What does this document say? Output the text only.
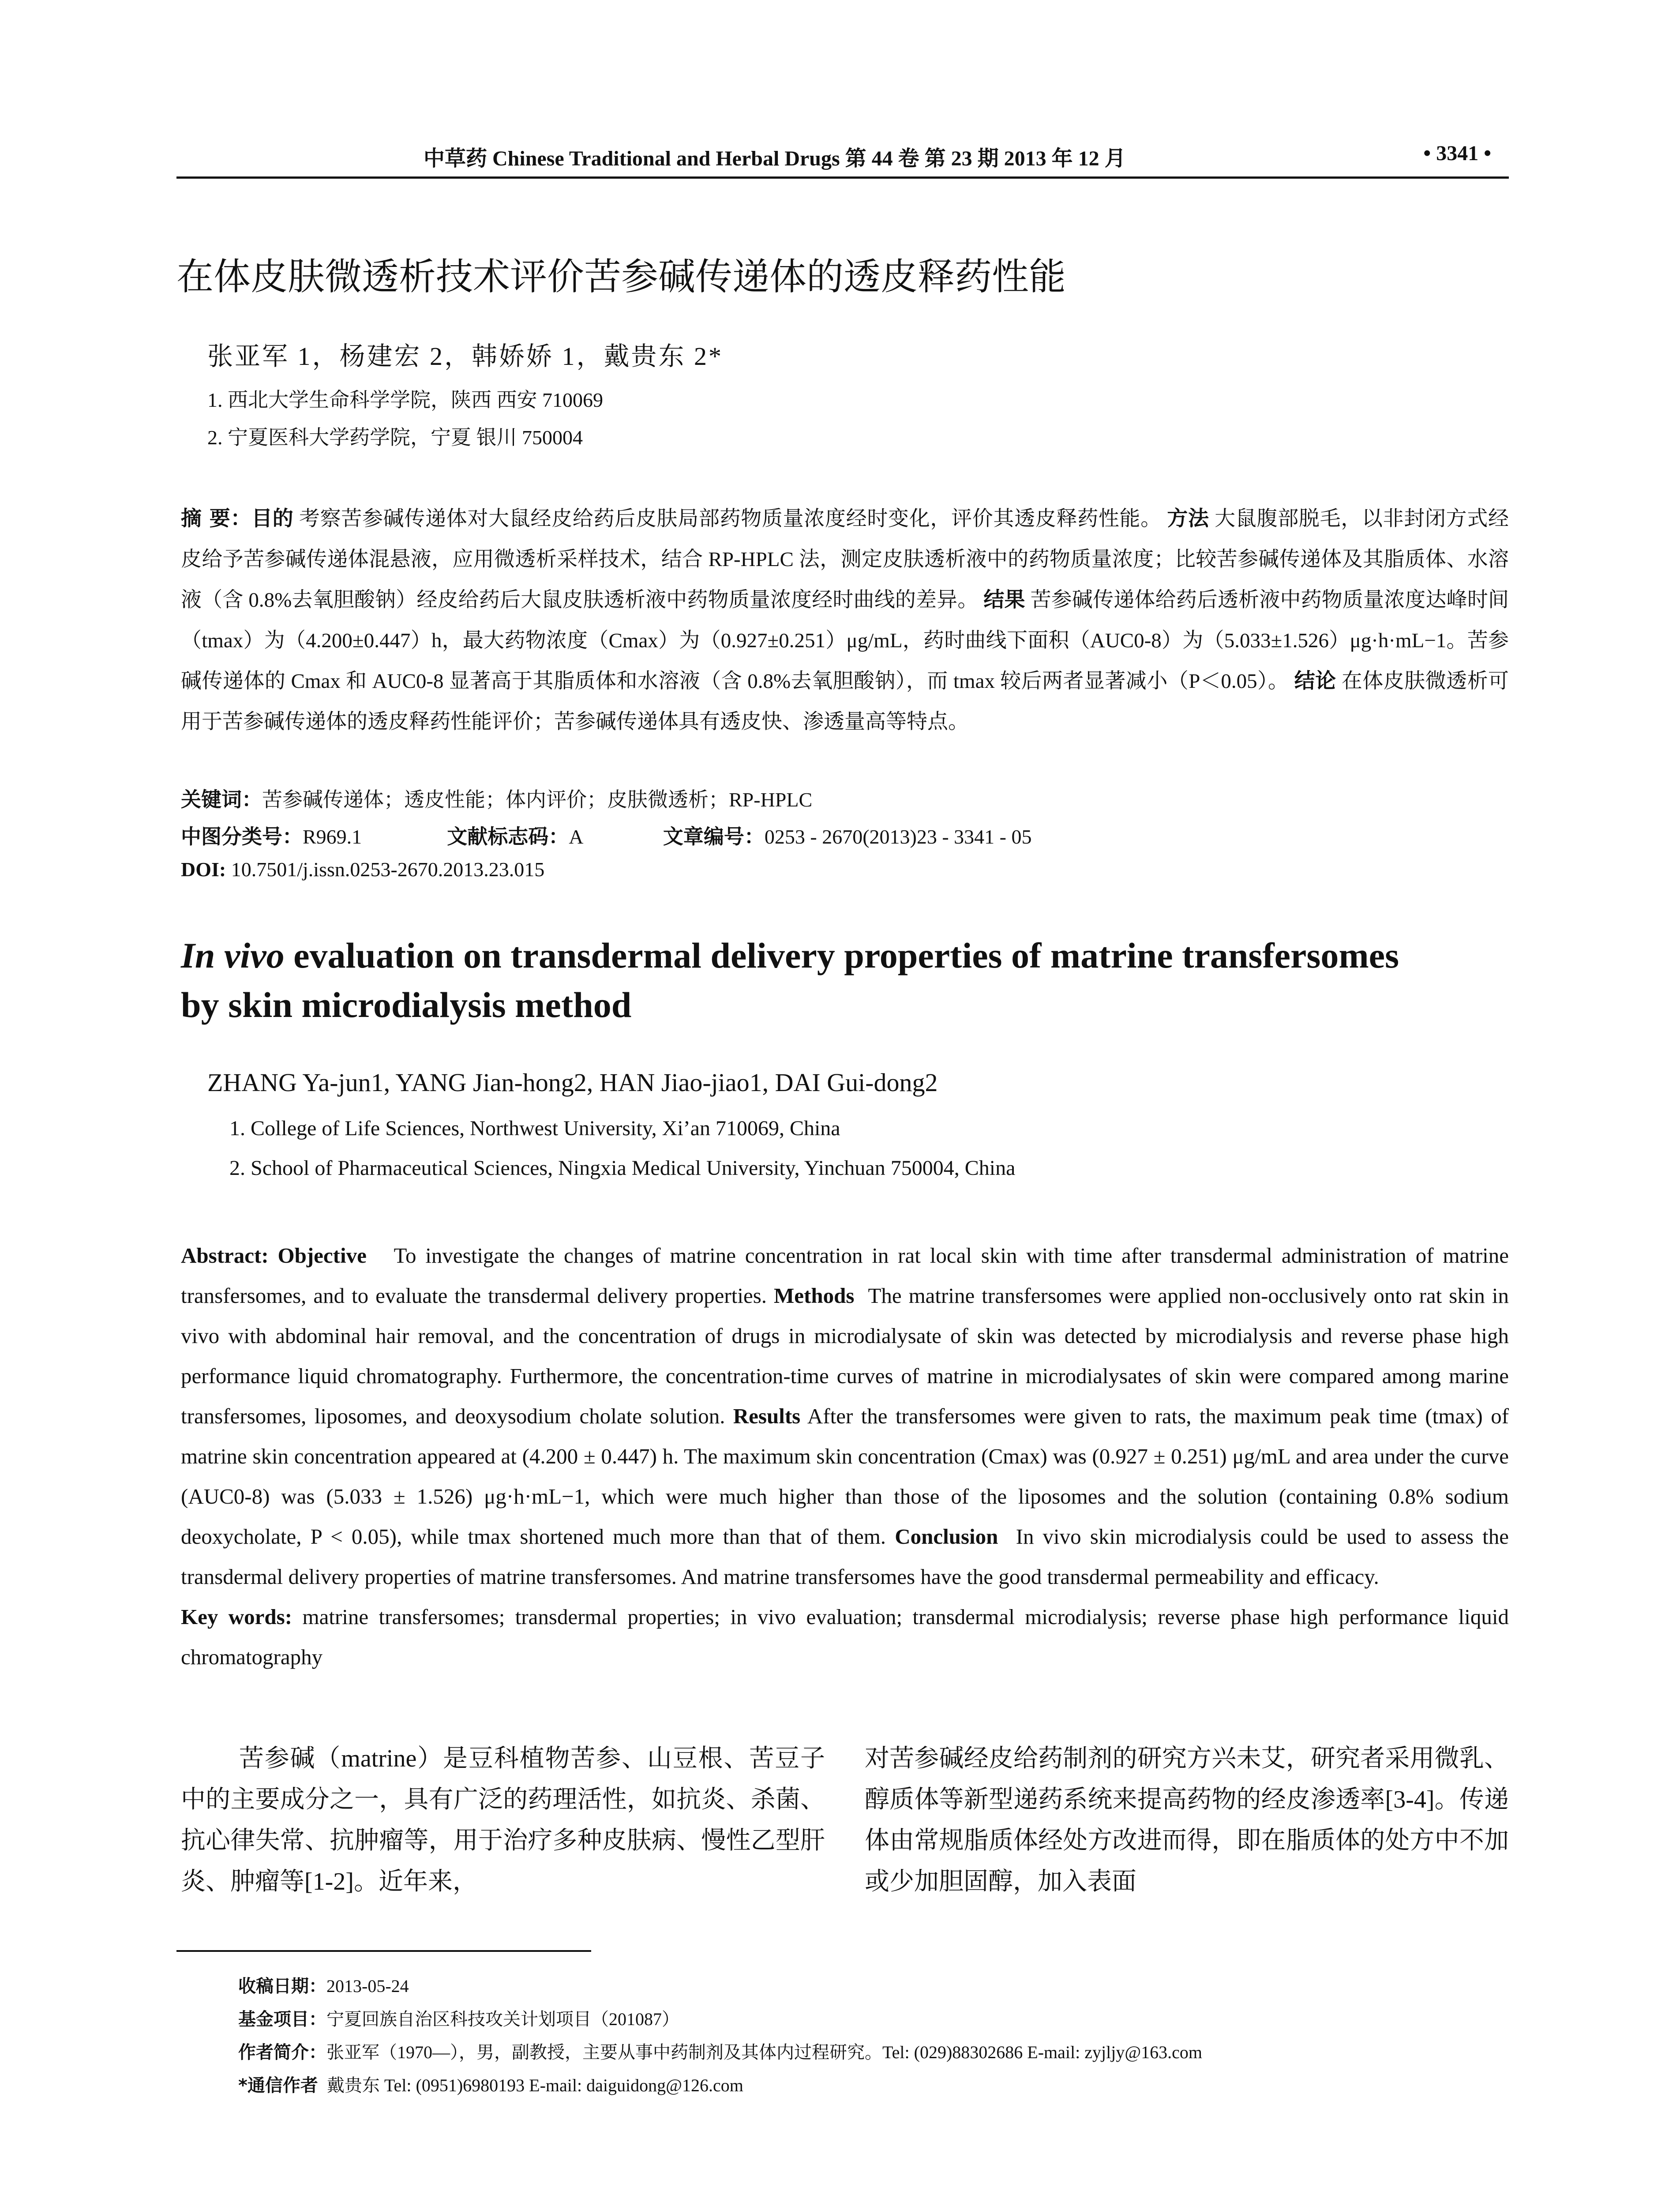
中草药 Chinese Traditional and Herbal Drugs 第 44 卷 第 23 期 2013 年 12 月	• 3341 •
在体皮肤微透析技术评价苦参碱传递体的透皮释药性能
张亚军 1，杨建宏 2，韩娇娇 1，戴贵东 2*
1. 西北大学生命科学学院，陕西 西安 710069
2. 宁夏医科大学药学院，宁夏 银川 750004
摘 要：目的 考察苦参碱传递体对大鼠经皮给药后皮肤局部药物质量浓度经时变化，评价其透皮释药性能。 方法 大鼠腹部脱毛，以非封闭方式经皮给予苦参碱传递体混悬液，应用微透析采样技术，结合 RP-HPLC 法，测定皮肤透析液中的药物质量浓度；比较苦参碱传递体及其脂质体、水溶液（含 0.8%去氧胆酸钠）经皮给药后大鼠皮肤透析液中药物质量浓度经时曲线的差异。 结果 苦参碱传递体给药后透析液中药物质量浓度达峰时间（tmax）为（4.200±0.447）h，最大药物浓度（Cmax）为（0.927±0.251）μg/mL，药时曲线下面积（AUC0-8）为（5.033±1.526）μg·h·mL−1。苦参碱传递体的 Cmax 和 AUC0-8 显著高于其脂质体和水溶液（含 0.8%去氧胆酸钠），而 tmax 较后两者显著减小（P＜0.05）。 结论 在体皮肤微透析可用于苦参碱传递体的透皮释药性能评价；苦参碱传递体具有透皮快、渗透量高等特点。
关键词：苦参碱传递体；透皮性能；体内评价；皮肤微透析；RP-HPLC
中图分类号：R969.1	文献标志码：A	文章编号：0253 - 2670(2013)23 - 3341 - 05
DOI: 10.7501/j.issn.0253-2670.2013.23.015
In vivo evaluation on transdermal delivery properties of matrine transfersomes
by skin microdialysis method
ZHANG Ya-jun1, YANG Jian-hong2, HAN Jiao-jiao1, DAI Gui-dong2
1. College of Life Sciences, Northwest University, Xi’an 710069, China
2. School of Pharmaceutical Sciences, Ningxia Medical University, Yinchuan 750004, China
Abstract: Objective To investigate the changes of matrine concentration in rat local skin with time after transdermal administration of matrine transfersomes, and to evaluate the transdermal delivery properties. Methods The matrine transfersomes were applied non-occlusively onto rat skin in vivo with abdominal hair removal, and the concentration of drugs in microdialysate of skin was detected by microdialysis and reverse phase high performance liquid chromatography. Furthermore, the concentration-time curves of matrine in microdialysates of skin were compared among marine transfersomes, liposomes, and deoxysodium cholate solution. Results After the transfersomes were given to rats, the maximum peak time (tmax) of matrine skin concentration appeared at (4.200 ± 0.447) h. The maximum skin concentration (Cmax) was (0.927 ± 0.251) μg/mL and area under the curve (AUC0-8) was (5.033 ± 1.526) μg·h·mL−1, which were much higher than those of the liposomes and the solution (containing 0.8% sodium deoxycholate, P < 0.05), while tmax shortened much more than that of them. Conclusion In vivo skin microdialysis could be used to assess the transdermal delivery properties of matrine transfersomes. And matrine transfersomes have the good transdermal permeability and efficacy.
Key words: matrine transfersomes; transdermal properties; in vivo evaluation; transdermal microdialysis; reverse phase high performance liquid chromatography
苦参碱（matrine）是豆科植物苦参、山豆根、苦豆子中的主要成分之一，具有广泛的药理活性，如抗炎、杀菌、抗心律失常、抗肿瘤等，用于治疗多种皮肤病、慢性乙型肝炎、肿瘤等[1-2]。近年来，
对苦参碱经皮给药制剂的研究方兴未艾，研究者采用微乳、醇质体等新型递药系统来提高药物的经皮渗透率[3-4]。传递体由常规脂质体经处方改进而得，即在脂质体的处方中不加或少加胆固醇，加入表面
收稿日期：2013-05-24
基金项目：宁夏回族自治区科技攻关计划项目（201087）
作者简介：张亚军（1970—），男，副教授，主要从事中药制剂及其体内过程研究。Tel: (029)88302686 E-mail: zyjljy@163.com
*通信作者 戴贵东 Tel: (0951)6980193 E-mail: daiguidong@126.com
